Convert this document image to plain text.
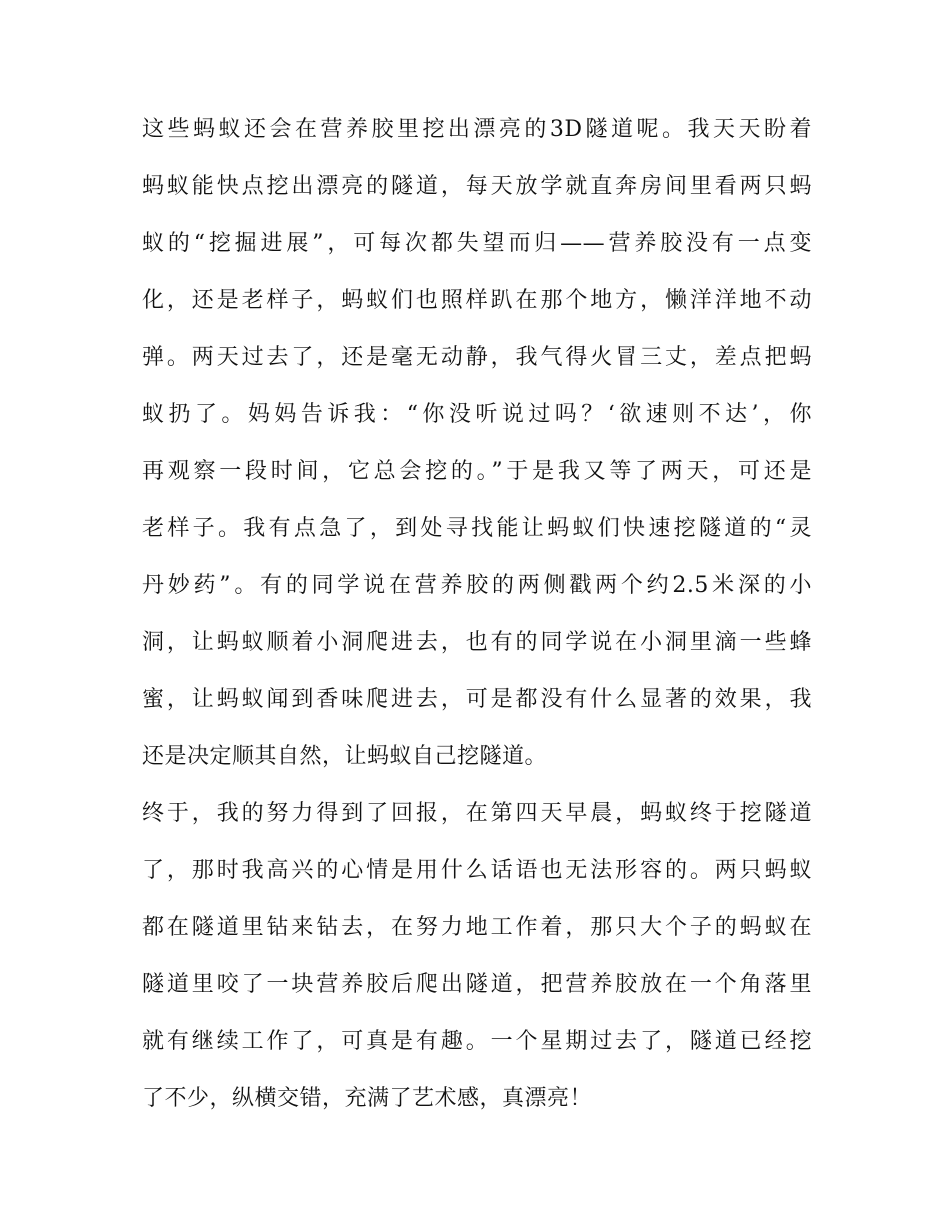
这些蚂蚁还会在营养胶里挖出漂亮的3D隧道呢。我天天盼着
蚂蚁能快点挖出漂亮的隧道，每天放学就直奔房间里看两只蚂
蚁的“挖掘进展”，可每次都失望而归——营养胶没有一点变
化，还是老样子，蚂蚁们也照样趴在那个地方，懒洋洋地不动
弹。两天过去了，还是毫无动静，我气得火冒三丈，差点把蚂
蚁扔了。妈妈告诉我：“你没听说过吗？‘欲速则不达’，你
再观察一段时间，它总会挖的。”于是我又等了两天，可还是
老样子。我有点急了，到处寻找能让蚂蚁们快速挖隧道的“灵
丹妙药”。有的同学说在营养胶的两侧戳两个约2.5米深的小
洞，让蚂蚁顺着小洞爬进去，也有的同学说在小洞里滴一些蜂
蜜，让蚂蚁闻到香味爬进去，可是都没有什么显著的效果，我
还是决定顺其自然，让蚂蚁自己挖隧道。
终于，我的努力得到了回报，在第四天早晨，蚂蚁终于挖隧道
了，那时我高兴的心情是用什么话语也无法形容的。两只蚂蚁
都在隧道里钻来钻去，在努力地工作着，那只大个子的蚂蚁在
隧道里咬了一块营养胶后爬出隧道，把营养胶放在一个角落里
就有继续工作了，可真是有趣。一个星期过去了，隧道已经挖
了不少，纵横交错，充满了艺术感，真漂亮！
